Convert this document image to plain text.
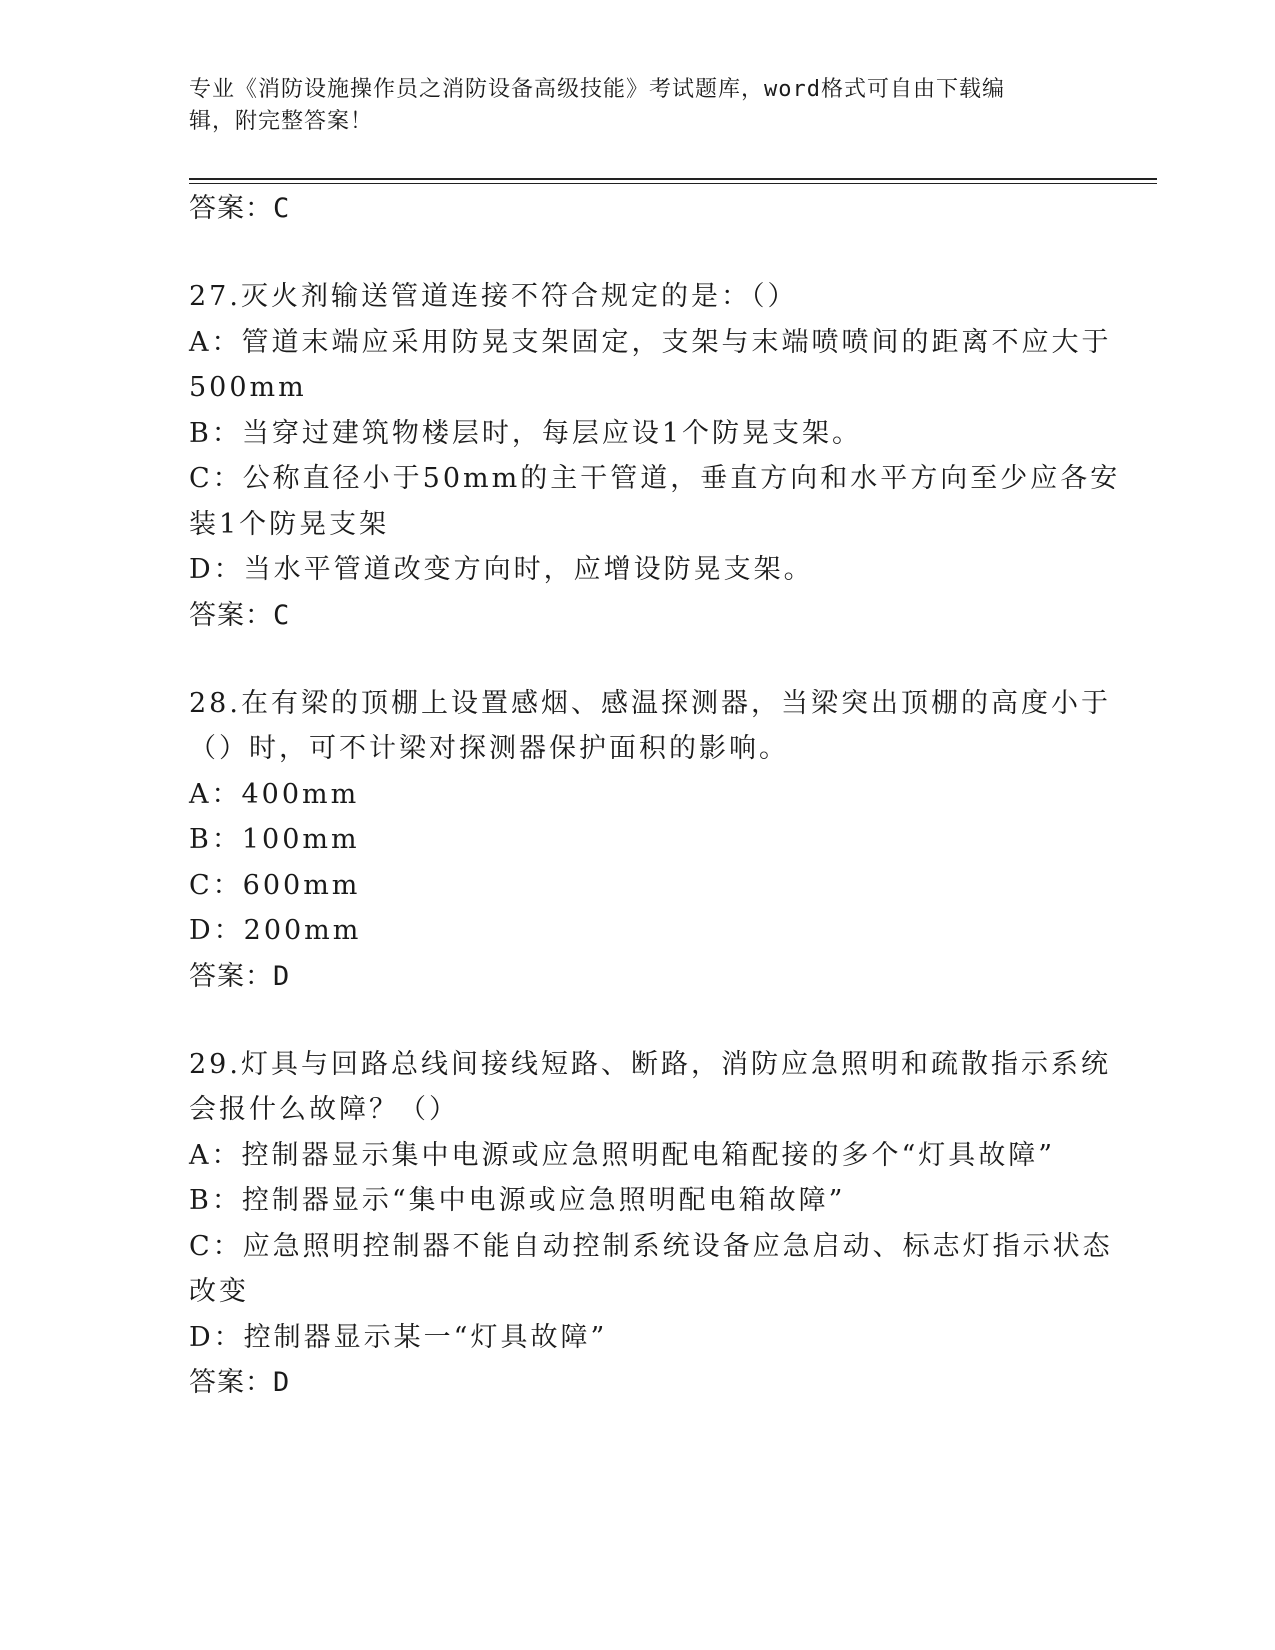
专业《消防设施操作员之消防设备高级技能》考试题库，word格式可自由下载编
辑，附完整答案！
答案：C
27.灭火剂输送管道连接不符合规定的是：（）
A：管道末端应采用防晃支架固定，支架与末端喷喷间的距离不应大于
500mm
B：当穿过建筑物楼层时，每层应设1个防晃支架。
C：公称直径小于50mm的主干管道，垂直方向和水平方向至少应各安
装1个防晃支架
D：当水平管道改变方向时，应增设防晃支架。
答案：C
28.在有梁的顶棚上设置感烟、感温探测器，当梁突出顶棚的高度小于
（）时，可不计梁对探测器保护面积的影响。
A：400mm
B：100mm
C：600mm
D：200mm
答案：D
29.灯具与回路总线间接线短路、断路，消防应急照明和疏散指示系统
会报什么故障？（）
A：控制器显示集中电源或应急照明配电箱配接的多个“灯具故障”
B：控制器显示“集中电源或应急照明配电箱故障”
C：应急照明控制器不能自动控制系统设备应急启动、标志灯指示状态
改变
D：控制器显示某一“灯具故障”
答案：D
